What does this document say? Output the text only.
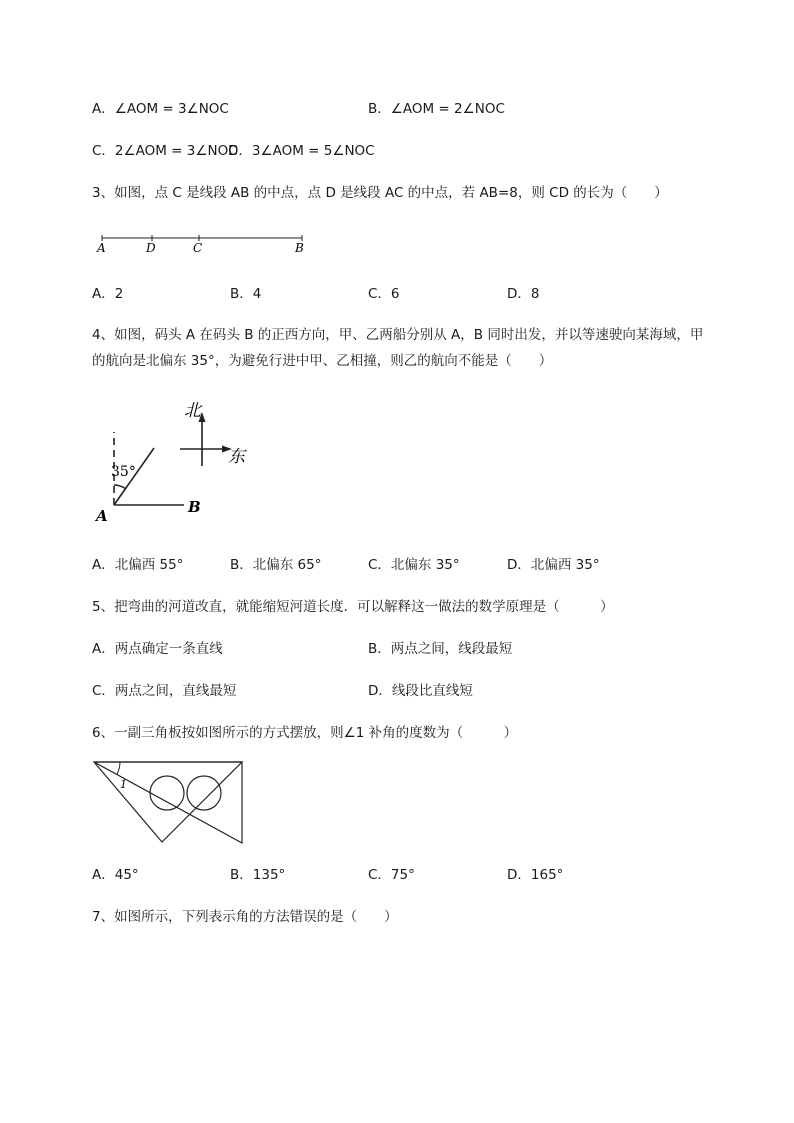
A．∠AOM = 3∠NOC	B．∠AOM = 2∠NOC
C．2∠AOM = 3∠NOC
D．3∠AOM = 5∠NOC
3、如图，点 C 是线段 AB 的中点，点 D 是线段 AC 的中点，若 AB=8，则 CD 的长为（　　）
A	D	C	B
A．2	B．4	C．6	D．8
4、如图，码头 A 在码头 B 的正西方向，甲、乙两船分别从 A，B 同时出发，并以等速驶向某海域，甲
的航向是北偏东 35°，为避免行进中甲、乙相撞，则乙的航向不能是（　　）
北
东
35°
A	B
A．北偏西 55°	B．北偏东 65°	C．北偏东 35°	D．北偏西 35°
5、把弯曲的河道改直，就能缩短河道长度．可以解释这一做法的数学原理是（　　　）
A．两点确定一条直线	B．两点之间，线段最短
C．两点之间，直线最短	D．线段比直线短
6、一副三角板按如图所示的方式摆放，则∠1 补角的度数为（　　　）
1
A．45°	B．135°	C．75°	D．165°
7、如图所示，下列表示角的方法错误的是（　　）
